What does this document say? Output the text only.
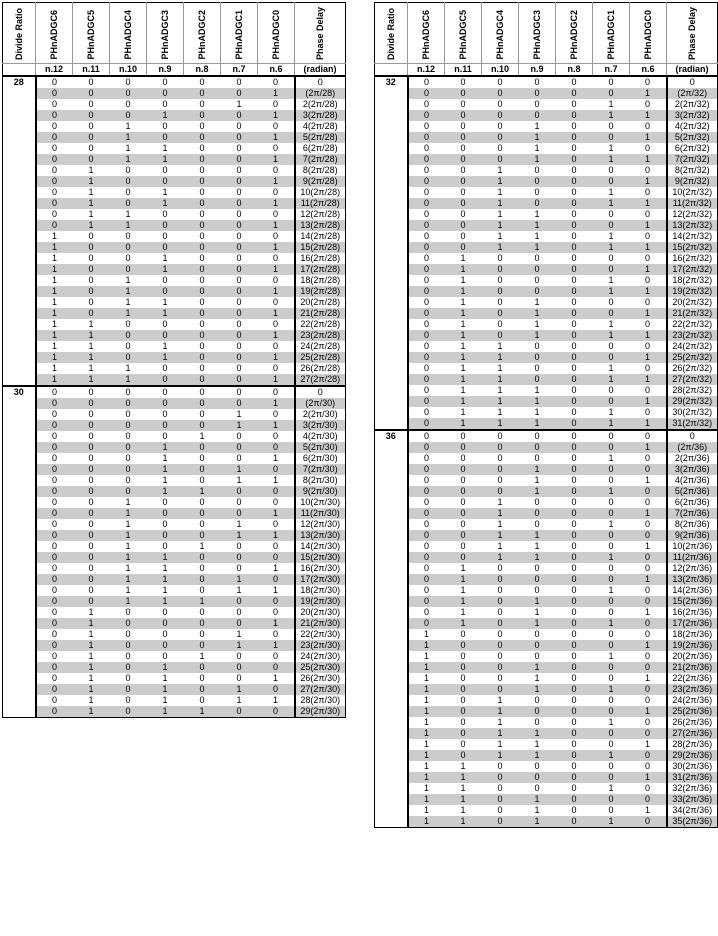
Divide Ratio	PHnADGC6	PHnADGC5	PHnADGC4	PHnADGC3	PHnADGC2	PHnADGC1	PHnADGC0	Phase Delay
	n.12	n.11	n.10	n.9	n.8	n.7	n.6	(radian)
28	0	0	0	0	0	0	0	0
	0	0	0	0	0	0	1	(2π/28)
	0	0	0	0	0	1	0	2(2π/28)
	0	0	0	1	0	0	1	3(2π/28)
	0	0	1	0	0	0	0	4(2π/28)
	0	0	1	0	0	0	1	5(2π/28)
	0	0	1	1	0	0	0	6(2π/28)
	0	0	1	1	0	0	1	7(2π/28)
	0	1	0	0	0	0	0	8(2π/28)
	0	1	0	0	0	0	1	9(2π/28)
	0	1	0	1	0	0	0	10(2π/28)
	0	1	0	1	0	0	1	11(2π/28)
	0	1	1	0	0	0	0	12(2π/28)
	0	1	1	0	0	0	1	13(2π/28)
	1	0	0	0	0	0	0	14(2π/28)
	1	0	0	0	0	0	1	15(2π/28)
	1	0	0	1	0	0	0	16(2π/28)
	1	0	0	1	0	0	1	17(2π/28)
	1	0	1	0	0	0	0	18(2π/28)
	1	0	1	0	0	0	1	19(2π/28)
	1	0	1	1	0	0	0	20(2π/28)
	1	0	1	1	0	0	1	21(2π/28)
	1	1	0	0	0	0	0	22(2π/28)
	1	1	0	0	0	0	1	23(2π/28)
	1	1	0	1	0	0	0	24(2π/28)
	1	1	0	1	0	0	1	25(2π/28)
	1	1	1	0	0	0	0	26(2π/28)
	1	1	1	0	0	0	1	27(2π/28)
30	0	0	0	0	0	0	0	0
	0	0	0	0	0	0	1	(2π/30)
	0	0	0	0	0	1	0	2(2π/30)
	0	0	0	0	0	1	1	3(2π/30)
	0	0	0	0	1	0	0	4(2π/30)
	0	0	0	1	0	0	0	5(2π/30)
	0	0	0	1	0	0	1	6(2π/30)
	0	0	0	1	0	1	0	7(2π/30)
	0	0	0	1	0	1	1	8(2π/30)
	0	0	0	1	1	0	0	9(2π/30)
	0	0	1	0	0	0	0	10(2π/30)
	0	0	1	0	0	0	1	11(2π/30)
	0	0	1	0	0	1	0	12(2π/30)
	0	0	1	0	0	1	1	13(2π/30)
	0	0	1	0	1	0	0	14(2π/30)
	0	0	1	1	0	0	0	15(2π/30)
	0	0	1	1	0	0	1	16(2π/30)
	0	0	1	1	0	1	0	17(2π/30)
	0	0	1	1	0	1	1	18(2π/30)
	0	0	1	1	1	0	0	19(2π/30)
	0	1	0	0	0	0	0	20(2π/30)
	0	1	0	0	0	0	1	21(2π/30)
	0	1	0	0	0	1	0	22(2π/30)
	0	1	0	0	0	1	1	23(2π/30)
	0	1	0	0	1	0	0	24(2π/30)
	0	1	0	1	0	0	0	25(2π/30)
	0	1	0	1	0	0	1	26(2π/30)
	0	1	0	1	0	1	0	27(2π/30)
	0	1	0	1	0	1	1	28(2π/30)
	0	1	0	1	1	0	0	29(2π/30)
Divide Ratio	PHnADGC6	PHnADGC5	PHnADGC4	PHnADGC3	PHnADGC2	PHnADGC1	PHnADGC0	Phase Delay
	n.12	n.11	n.10	n.9	n.8	n.7	n.6	(radian)
32	0	0	0	0	0	0	0	0
	0	0	0	0	0	0	1	(2π/32)
	0	0	0	0	0	1	0	2(2π/32)
	0	0	0	0	0	1	1	3(2π/32)
	0	0	0	1	0	0	0	4(2π/32)
	0	0	0	1	0	0	1	5(2π/32)
	0	0	0	1	0	1	0	6(2π/32)
	0	0	0	1	0	1	1	7(2π/32)
	0	0	1	0	0	0	0	8(2π/32)
	0	0	1	0	0	0	1	9(2π/32)
	0	0	1	0	0	1	0	10(2π/32)
	0	0	1	0	0	1	1	11(2π/32)
	0	0	1	1	0	0	0	12(2π/32)
	0	0	1	1	0	0	1	13(2π/32)
	0	0	1	1	0	1	0	14(2π/32)
	0	0	1	1	0	1	1	15(2π/32)
	0	1	0	0	0	0	0	16(2π/32)
	0	1	0	0	0	0	1	17(2π/32)
	0	1	0	0	0	1	0	18(2π/32)
	0	1	0	0	0	1	1	19(2π/32)
	0	1	0	1	0	0	0	20(2π/32)
	0	1	0	1	0	0	1	21(2π/32)
	0	1	0	1	0	1	0	22(2π/32)
	0	1	0	1	0	1	1	23(2π/32)
	0	1	1	0	0	0	0	24(2π/32)
	0	1	1	0	0	0	1	25(2π/32)
	0	1	1	0	0	1	0	26(2π/32)
	0	1	1	0	0	1	1	27(2π/32)
	0	1	1	1	0	0	0	28(2π/32)
	0	1	1	1	0	0	1	29(2π/32)
	0	1	1	1	0	1	0	30(2π/32)
	0	1	1	1	0	1	1	31(2π/32)
36	0	0	0	0	0	0	0	0
	0	0	0	0	0	0	1	(2π/36)
	0	0	0	0	0	1	0	2(2π/36)
	0	0	0	1	0	0	0	3(2π/36)
	0	0	0	1	0	0	1	4(2π/36)
	0	0	0	1	0	1	0	5(2π/36)
	0	0	1	0	0	0	0	6(2π/36)
	0	0	1	0	0	0	1	7(2π/36)
	0	0	1	0	0	1	0	8(2π/36)
	0	0	1	1	0	0	0	9(2π/36)
	0	0	1	1	0	0	1	10(2π/36)
	0	0	1	1	0	1	0	11(2π/36)
	0	1	0	0	0	0	0	12(2π/36)
	0	1	0	0	0	0	1	13(2π/36)
	0	1	0	0	0	1	0	14(2π/36)
	0	1	0	1	0	0	0	15(2π/36)
	0	1	0	1	0	0	1	16(2π/36)
	0	1	0	1	0	1	0	17(2π/36)
	1	0	0	0	0	0	0	18(2π/36)
	1	0	0	0	0	0	1	19(2π/36)
	1	0	0	0	0	1	0	20(2π/36)
	1	0	0	1	0	0	0	21(2π/36)
	1	0	0	1	0	0	1	22(2π/36)
	1	0	0	1	0	1	0	23(2π/36)
	1	0	1	0	0	0	0	24(2π/36)
	1	0	1	0	0	0	1	25(2π/36)
	1	0	1	0	0	1	0	26(2π/36)
	1	0	1	1	0	0	0	27(2π/36)
	1	0	1	1	0	0	1	28(2π/36)
	1	0	1	1	0	1	0	29(2π/36)
	1	1	0	0	0	0	0	30(2π/36)
	1	1	0	0	0	0	1	31(2π/36)
	1	1	0	0	0	1	0	32(2π/36)
	1	1	0	1	0	0	0	33(2π/36)
	1	1	0	1	0	0	1	34(2π/36)
	1	1	0	1	0	1	0	35(2π/36)
